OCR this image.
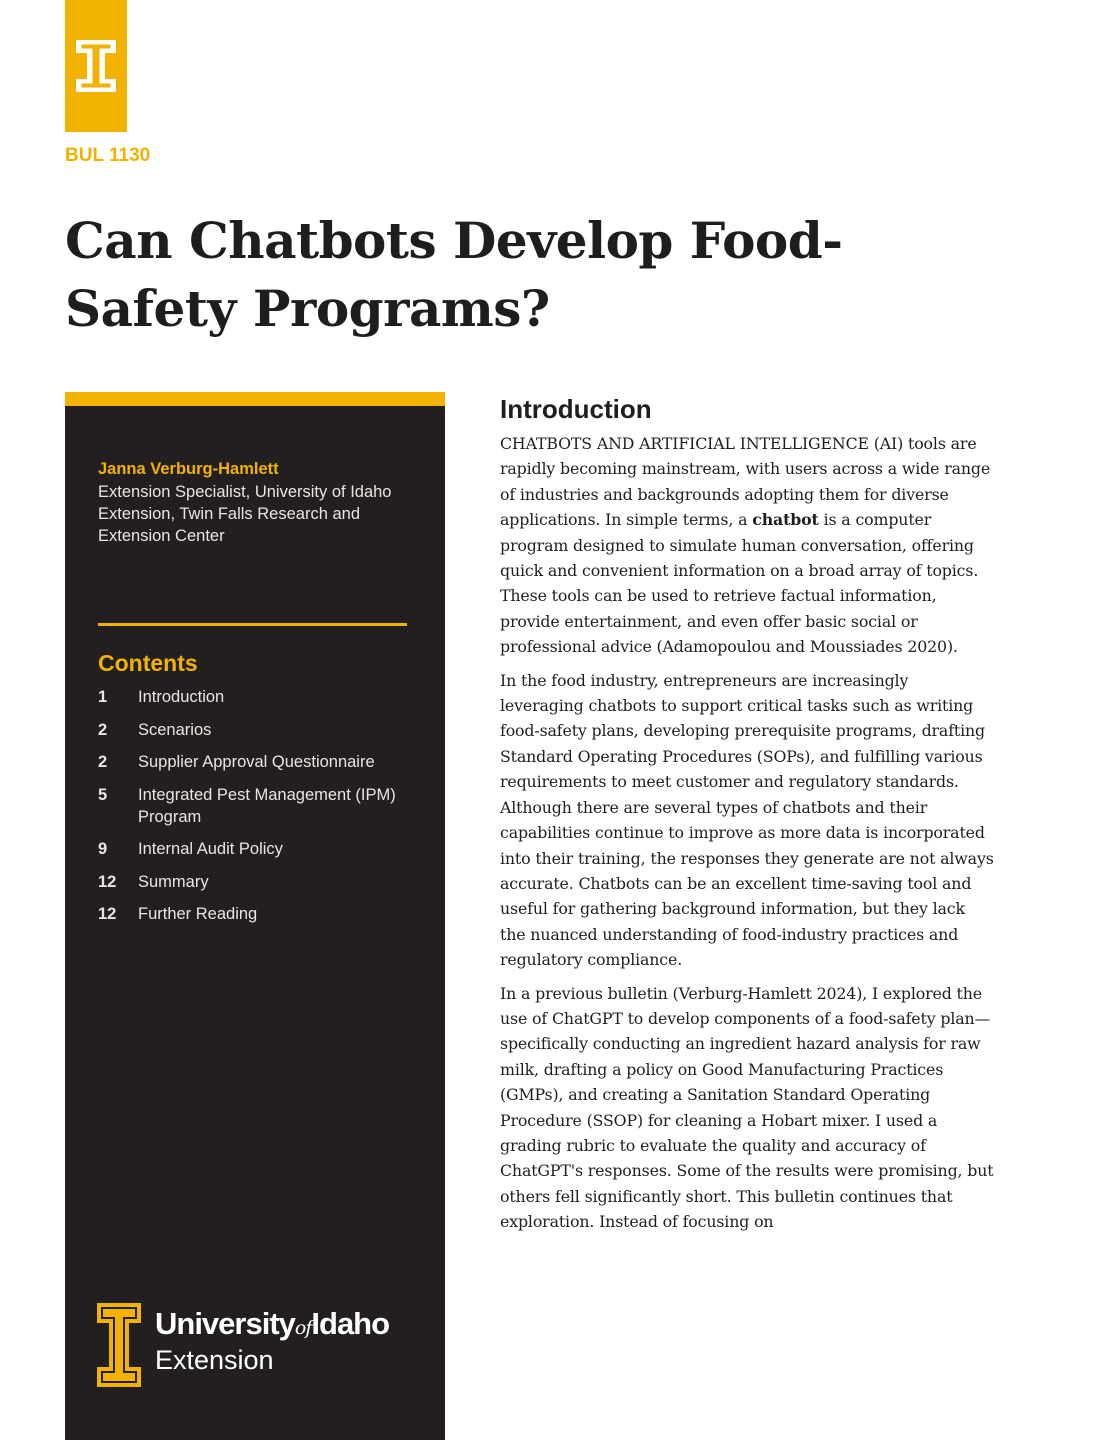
BUL 1130
Can Chatbots Develop Food-Safety Programs?
Janna Verburg-Hamlett
Extension Specialist, University of Idaho Extension, Twin Falls Research and Extension Center
Contents
1	Introduction
2	Scenarios
2	Supplier Approval Questionnaire
5	Integrated Pest Management (IPM) Program
9	Internal Audit Policy
12	Summary
12	Further Reading
UniversityofIdaho
Extension
Introduction

CHATBOTS AND ARTIFICIAL INTELLIGENCE (AI) tools are rapidly becoming mainstream, with users across a wide range of industries and backgrounds adopting them for diverse applications. In simple terms, a chatbot is a computer program designed to simulate human conversation, offering quick and convenient information on a broad array of topics. These tools can be used to retrieve factual information, provide entertainment, and even offer basic social or professional advice (Adamopoulou and Moussiades 2020).

In the food industry, entrepreneurs are increasingly leveraging chatbots to support critical tasks such as writing food-safety plans, developing prerequisite programs, drafting Standard Operating Procedures (SOPs), and fulfilling various requirements to meet customer and regulatory standards. Although there are several types of chatbots and their capabilities continue to improve as more data is incorporated into their training, the responses they generate are not always accurate. Chatbots can be an excellent time-saving tool and useful for gathering background information, but they lack the nuanced understanding of food-industry practices and regulatory compliance.

In a previous bulletin (Verburg-Hamlett 2024), I explored the use of ChatGPT to develop components of a food-safety plan—specifically conducting an ingredient hazard analysis for raw milk, drafting a policy on Good Manufacturing Practices (GMPs), and creating a Sanitation Standard Operating Procedure (SSOP) for cleaning a Hobart mixer. I used a grading rubric to evaluate the quality and accuracy of ChatGPT's responses. Some of the results were promising, but others fell significantly short. This bulletin continues that exploration. Instead of focusing on
